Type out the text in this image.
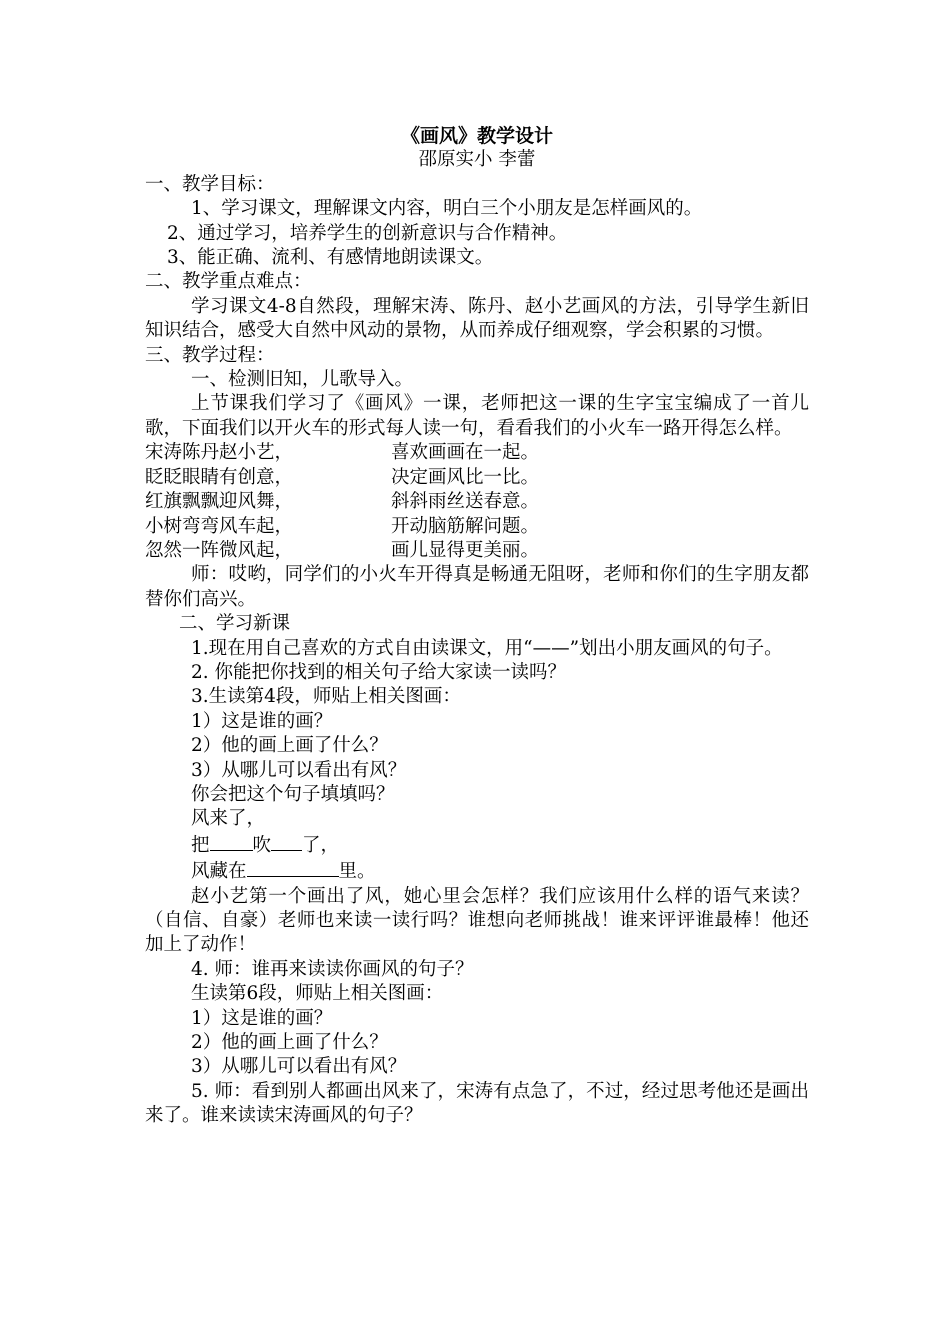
《画风》教学设计
邵原实小 李蕾
一、教学目标：
1、学习课文，理解课文内容，明白三个小朋友是怎样画风的。
2、通过学习，培养学生的创新意识与合作精神。
3、能正确、流利、有感情地朗读课文。
二、教学重点难点：
学习课文4-8自然段，理解宋涛、陈丹、赵小艺画风的方法，引导学生新旧知识结合，感受大自然中风动的景物，从而养成仔细观察，学会积累的习惯。
三、教学过程：
一、检测旧知，儿歌导入。
上节课我们学习了《画风》一课，老师把这一课的生字宝宝编成了一首儿歌，下面我们以开火车的形式每人读一句，看看我们的小火车一路开得怎么样。
宋涛陈丹赵小艺，	喜欢画画在一起。
眨眨眼睛有创意，	决定画风比一比。
红旗飘飘迎风舞，	斜斜雨丝送春意。
小树弯弯风车起，	开动脑筋解问题。
忽然一阵微风起，	画儿显得更美丽。
师：哎哟，同学们的小火车开得真是畅通无阻呀，老师和你们的生字朋友都替你们高兴。
二、学习新课
1.现在用自己喜欢的方式自由读课文，用“——”划出小朋友画风的句子。
2. 你能把你找到的相关句子给大家读一读吗？
3.生读第4段，师贴上相关图画：
1）这是谁的画？
2）他的画上画了什么？
3）从哪儿可以看出有风？
你会把这个句子填填吗？
风来了，
把 吹 了，
风藏在	里。
赵小艺第一个画出了风，她心里会怎样？我们应该用什么样的语气来读？（自信、自豪）老师也来读一读行吗？谁想向老师挑战！谁来评评谁最棒！他还加上了动作！
4. 师：谁再来读读你画风的句子？
生读第6段，师贴上相关图画：
1）这是谁的画？
2）他的画上画了什么？
3）从哪儿可以看出有风？
5. 师：看到别人都画出风来了，宋涛有点急了，不过，经过思考他还是画出来了。谁来读读宋涛画风的句子？
